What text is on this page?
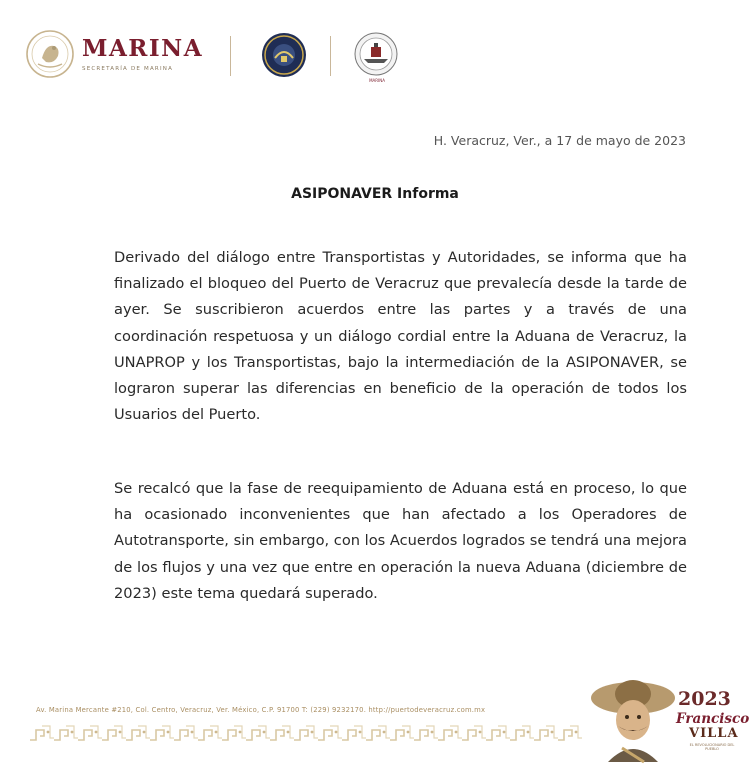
MARINA
SECRETARÍA DE MARINA
MARINA
H. Veracruz, Ver., a 17 de mayo de 2023
ASIPONAVER Informa
Derivado del diálogo entre Transportistas y Autoridades, se informa que ha finalizado el bloqueo del Puerto de Veracruz que prevalecía desde la tarde de ayer. Se suscribieron acuerdos entre las partes y a través de una coordinación respetuosa y un diálogo cordial entre la Aduana de Veracruz, la UNAPROP y los Transportistas, bajo la intermediación de la ASIPONAVER, se lograron superar las diferencias en beneficio de la operación de todos los Usuarios del Puerto.
Se recalcó que la fase de reequipamiento de Aduana está en proceso, lo que ha ocasionado inconvenientes que han afectado a los Operadores de Autotransporte, sin embargo, con los Acuerdos logrados se tendrá una mejora de los flujos y una vez que entre en operación la nueva Aduana (diciembre de 2023) este tema quedará superado.
Av. Marina Mercante #210, Col. Centro, Veracruz, Ver. México, C.P. 91700 T: (229) 9232170. http://puertodeveracruz.com.mx	2023
Francisco
VILLA
EL REVOLUCIONARIO DEL PUEBLO
